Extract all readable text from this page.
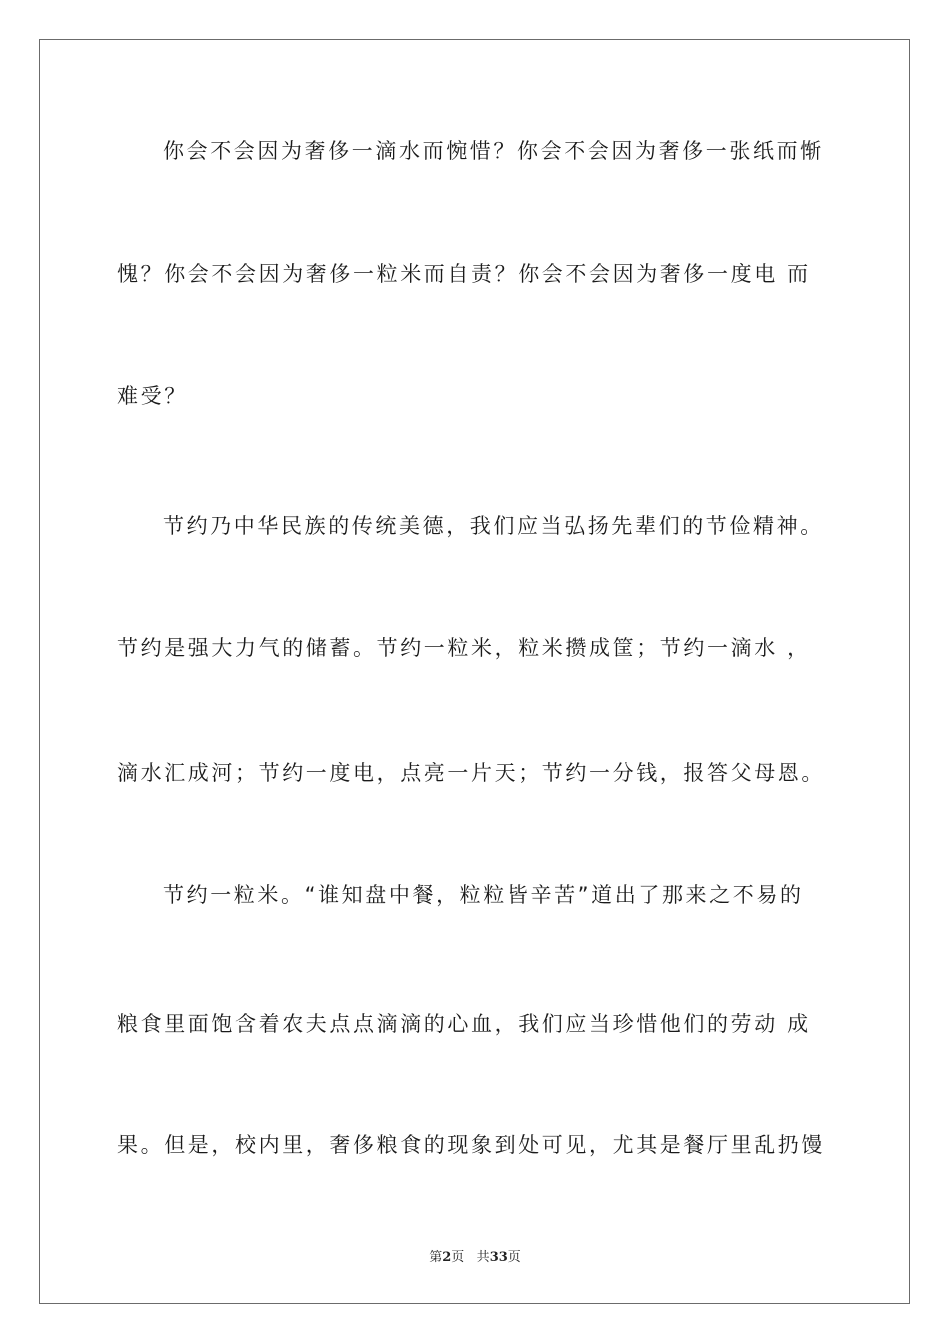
你会不会因为奢侈一滴水而惋惜？你会不会因为奢侈一张纸而惭
愧？你会不会因为奢侈一粒米而自责？你会不会因为奢侈一度电 而
难受？
节约乃中华民族的传统美德，我们应当弘扬先辈们的节俭精神。
节约是强大力气的储蓄。节约一粒米，粒米攒成筐；节约一滴水 ，
滴水汇成河；节约一度电，点亮一片天；节约一分钱，报答父母恩。
节约一粒米。“谁知盘中餐，粒粒皆辛苦”道出了那来之不易的
粮食里面饱含着农夫点点滴滴的心血，我们应当珍惜他们的劳动 成
果。但是，校内里，奢侈粮食的现象到处可见，尤其是餐厅里乱扔馒
第2页 共33页
